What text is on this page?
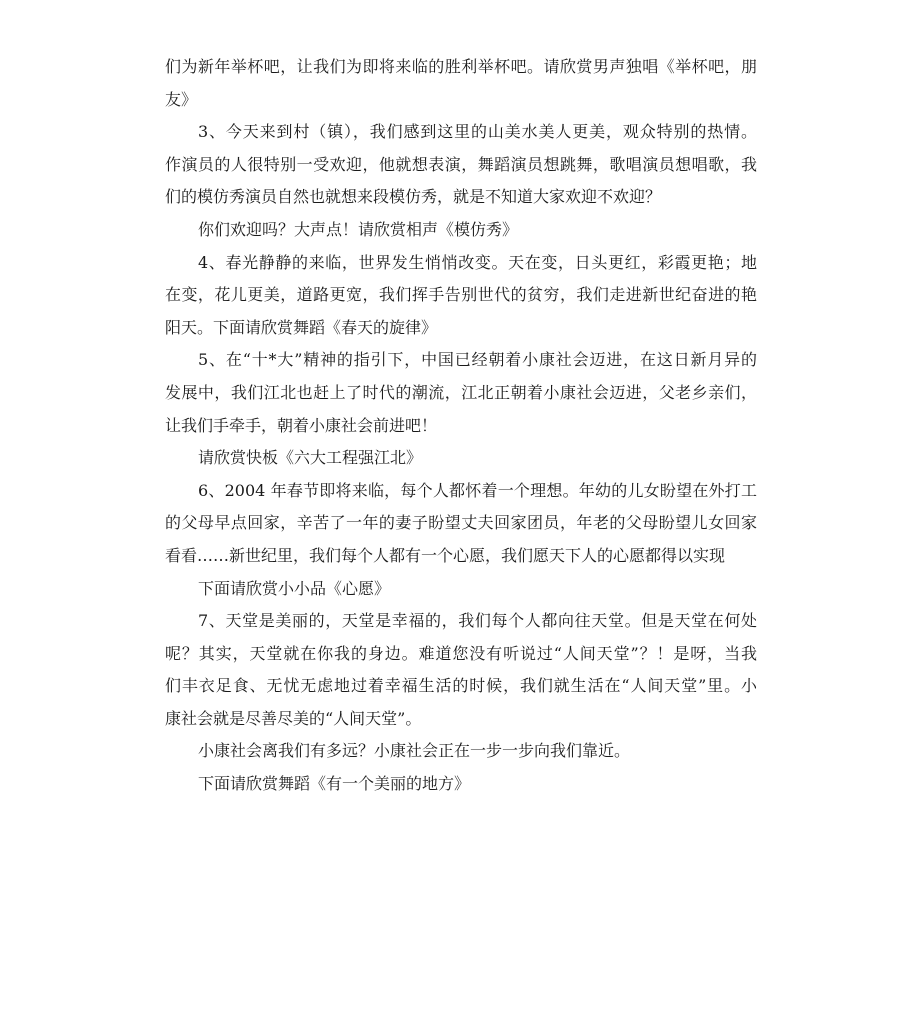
们为新年举杯吧，让我们为即将来临的胜利举杯吧。请欣赏男声独唱《举杯吧，朋
友》
3、今天来到村（镇），我们感到这里的山美水美人更美，观众特别的热情。
作演员的人很特别一受欢迎，他就想表演，舞蹈演员想跳舞，歌唱演员想唱歌，我
们的模仿秀演员自然也就想来段模仿秀，就是不知道大家欢迎不欢迎？
你们欢迎吗？大声点！请欣赏相声《模仿秀》
4、春光静静的来临，世界发生悄悄改变。天在变，日头更红，彩霞更艳；地
在变，花儿更美，道路更宽，我们挥手告别世代的贫穷，我们走进新世纪奋进的艳
阳天。下面请欣赏舞蹈《春天的旋律》
5、在“十*大”精神的指引下，中国已经朝着小康社会迈进，在这日新月异的
发展中，我们江北也赶上了时代的潮流，江北正朝着小康社会迈进，父老乡亲们，
让我们手牵手，朝着小康社会前进吧！
请欣赏快板《六大工程强江北》
6、2004 年春节即将来临，每个人都怀着一个理想。年幼的儿女盼望在外打工
的父母早点回家，辛苦了一年的妻子盼望丈夫回家团员，年老的父母盼望儿女回家
看看……新世纪里，我们每个人都有一个心愿，我们愿天下人的心愿都得以实现
下面请欣赏小小品《心愿》
7、天堂是美丽的，天堂是幸福的，我们每个人都向往天堂。但是天堂在何处
呢？其实，天堂就在你我的身边。难道您没有听说过“人间天堂”？！是呀，当我
们丰衣足食、无忧无虑地过着幸福生活的时候，我们就生活在“人间天堂”里。小
康社会就是尽善尽美的“人间天堂”。
小康社会离我们有多远？小康社会正在一步一步向我们靠近。
下面请欣赏舞蹈《有一个美丽的地方》
